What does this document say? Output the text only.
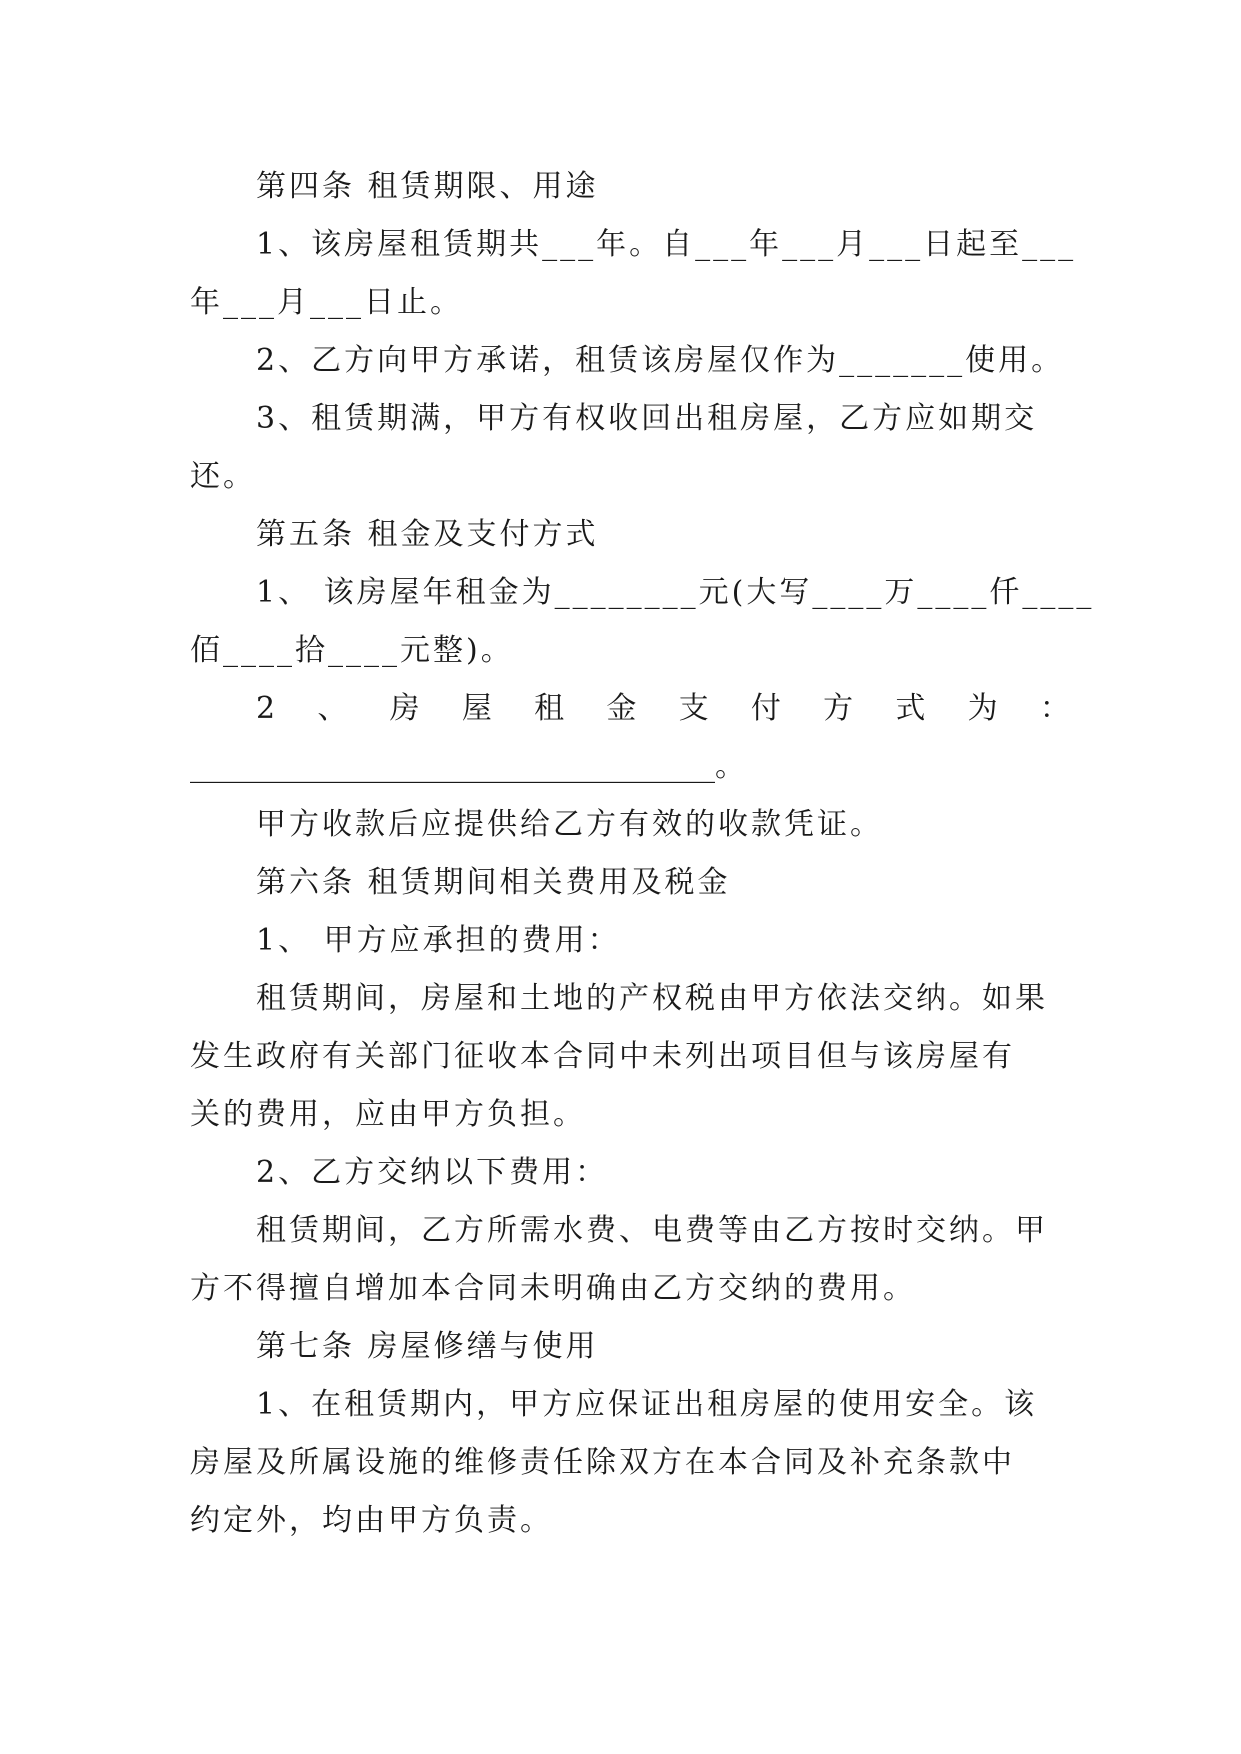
第四条 租赁期限、用途
1、该房屋租赁期共___年。自___年___月___日起至___
年___月___日止。
2、乙方向甲方承诺，租赁该房屋仅作为_______使用。
3、租赁期满，甲方有权收回出租房屋，乙方应如期交
还。
第五条 租金及支付方式
1、 该房屋年租金为________元(大写____万____仟____
佰____拾____元整)。
2 、 房 屋 租 金 支 付 方 式 为 ：
___________________________________。
甲方收款后应提供给乙方有效的收款凭证。
第六条 租赁期间相关费用及税金
1、 甲方应承担的费用：
租赁期间，房屋和土地的产权税由甲方依法交纳。如果
发生政府有关部门征收本合同中未列出项目但与该房屋有
关的费用，应由甲方负担。
2、乙方交纳以下费用：
租赁期间，乙方所需水费、电费等由乙方按时交纳。甲
方不得擅自增加本合同未明确由乙方交纳的费用。
第七条 房屋修缮与使用
1、在租赁期内，甲方应保证出租房屋的使用安全。该
房屋及所属设施的维修责任除双方在本合同及补充条款中
约定外，均由甲方负责。
